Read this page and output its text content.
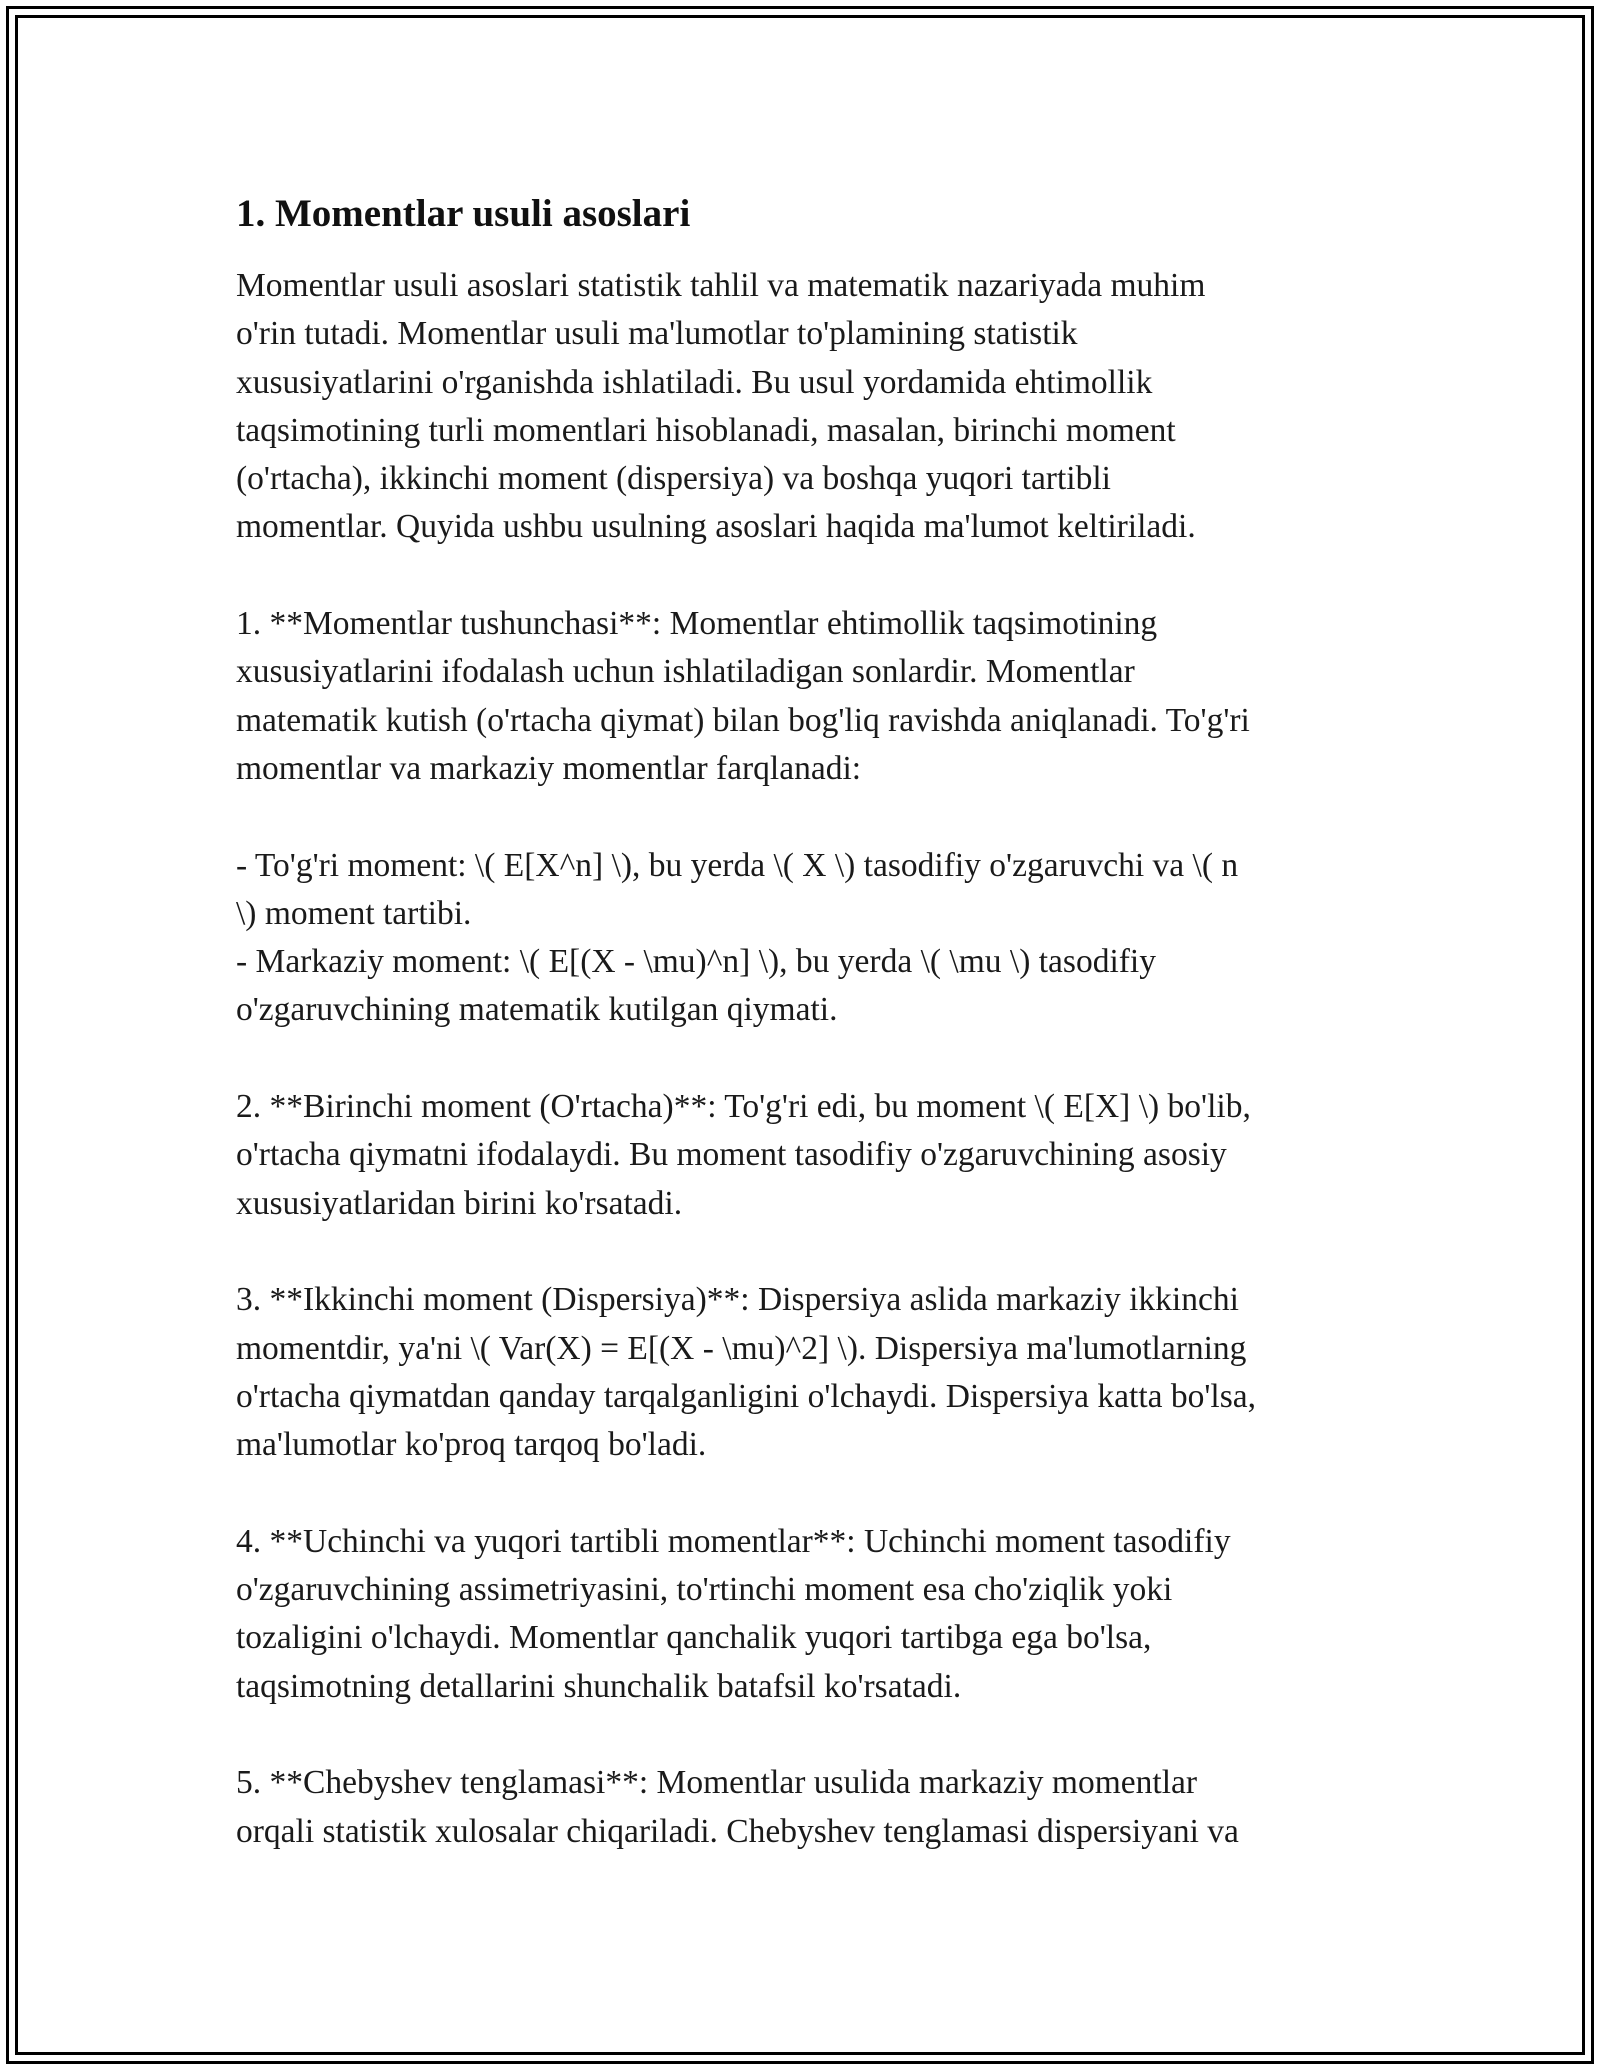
1. Momentlar usuli asoslari

Momentlar usuli asoslari statistik tahlil va matematik nazariyada muhim
o'rin tutadi. Momentlar usuli ma'lumotlar to'plamining statistik
xususiyatlarini o'rganishda ishlatiladi. Bu usul yordamida ehtimollik
taqsimotining turli momentlari hisoblanadi, masalan, birinchi moment
(o'rtacha), ikkinchi moment (dispersiya) va boshqa yuqori tartibli
momentlar. Quyida ushbu usulning asoslari haqida ma'lumot keltiriladi.

1. **Momentlar tushunchasi**: Momentlar ehtimollik taqsimotining
xususiyatlarini ifodalash uchun ishlatiladigan sonlardir. Momentlar
matematik kutish (o'rtacha qiymat) bilan bog'liq ravishda aniqlanadi. To'g'ri
momentlar va markaziy momentlar farqlanadi:

- To'g'ri moment: \( E[X^n] \), bu yerda \( X \) tasodifiy o'zgaruvchi va \( n
\) moment tartibi.
- Markaziy moment: \( E[(X - \mu)^n] \), bu yerda \( \mu \) tasodifiy
o'zgaruvchining matematik kutilgan qiymati.

2. **Birinchi moment (O'rtacha)**: To'g'ri edi, bu moment \( E[X] \) bo'lib,
o'rtacha qiymatni ifodalaydi. Bu moment tasodifiy o'zgaruvchining asosiy
xususiyatlaridan birini ko'rsatadi.

3. **Ikkinchi moment (Dispersiya)**: Dispersiya aslida markaziy ikkinchi
momentdir, ya'ni \( Var(X) = E[(X - \mu)^2] \). Dispersiya ma'lumotlarning
o'rtacha qiymatdan qanday tarqalganligini o'lchaydi. Dispersiya katta bo'lsa,
ma'lumotlar ko'proq tarqoq bo'ladi.

4. **Uchinchi va yuqori tartibli momentlar**: Uchinchi moment tasodifiy
o'zgaruvchining assimetriyasini, to'rtinchi moment esa cho'ziqlik yoki
tozaligini o'lchaydi. Momentlar qanchalik yuqori tartibga ega bo'lsa,
taqsimotning detallarini shunchalik batafsil ko'rsatadi.

5. **Chebyshev tenglamasi**: Momentlar usulida markaziy momentlar
orqali statistik xulosalar chiqariladi. Chebyshev tenglamasi dispersiyani va
